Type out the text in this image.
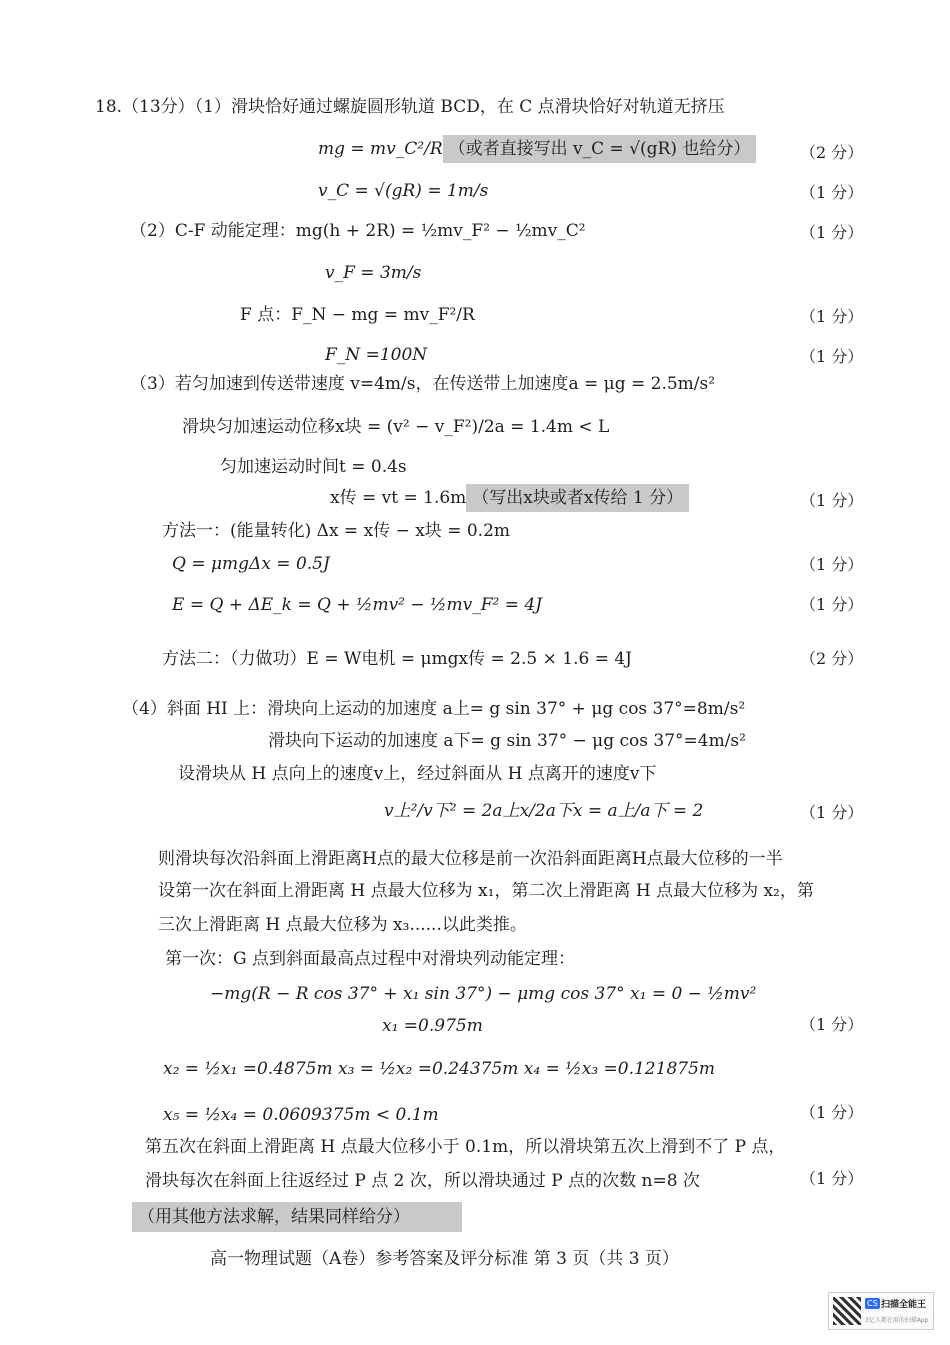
18.（13分）（1）滑块恰好通过螺旋圆形轨道 BCD，在 C 点滑块恰好对轨道无挤压
mg = mv_C²/R （或者直接写出 v_C = √(gR) 也给分）	（2 分）
v_C = √(gR) = 1m/s	（1 分）
（2）C-F 动能定理：mg(h + 2R) = ½mv_F² − ½mv_C²	（1 分）
v_F = 3m/s
F 点：F_N − mg = mv_F²/R	（1 分）
F_N =100N	（1 分）
（3）若匀加速到传送带速度 v=4m/s，在传送带上加速度a = μg = 2.5m/s²
滑块匀加速运动位移x块 = (v² − v_F²)/2a = 1.4m < L
匀加速运动时间t = 0.4s
x传 = vt = 1.6m （写出x块或者x传给 1 分）	（1 分）
方法一：(能量转化) Δx = x传 − x块 = 0.2m
Q = μmgΔx = 0.5J	（1 分）
E = Q + ΔE_k = Q + ½mv² − ½mv_F² = 4J	（1 分）
方法二：（力做功）E = W电机 = μmgx传 = 2.5 × 1.6 = 4J	（2 分）
（4）斜面 HI 上：滑块向上运动的加速度 a上= g sin 37° + μg cos 37°=8m/s²
滑块向下运动的加速度 a下= g sin 37° − μg cos 37°=4m/s²
设滑块从 H 点向上的速度v上，经过斜面从 H 点离开的速度v下
v上²/v下² = 2a上x/2a下x = a上/a下 = 2	（1 分）
则滑块每次沿斜面上滑距离H点的最大位移是前一次沿斜面距离H点最大位移的一半
设第一次在斜面上滑距离 H 点最大位移为 x₁，第二次上滑距离 H 点最大位移为 x₂，第
三次上滑距离 H 点最大位移为 x₃......以此类推。
第一次：G 点到斜面最高点过程中对滑块列动能定理：
−mg(R − R cos 37° + x₁ sin 37°) − μmg cos 37° x₁ = 0 − ½mv²
x₁ =0.975m	（1 分）
x₂ = ½x₁ =0.4875m x₃ = ½x₂ =0.24375m x₄ = ½x₃ =0.121875m
x₅ = ½x₄ = 0.0609375m < 0.1m	（1 分）
第五次在斜面上滑距离 H 点最大位移小于 0.1m，所以滑块第五次上滑到不了 P 点，
滑块每次在斜面上往返经过 P 点 2 次，所以滑块通过 P 点的次数 n=8 次	（1 分）
（用其他方法求解，结果同样给分）
高一物理试题（A卷）参考答案及评分标准 第 3 页（共 3 页）
CS 扫描全能王
3亿人都在用的扫描App
